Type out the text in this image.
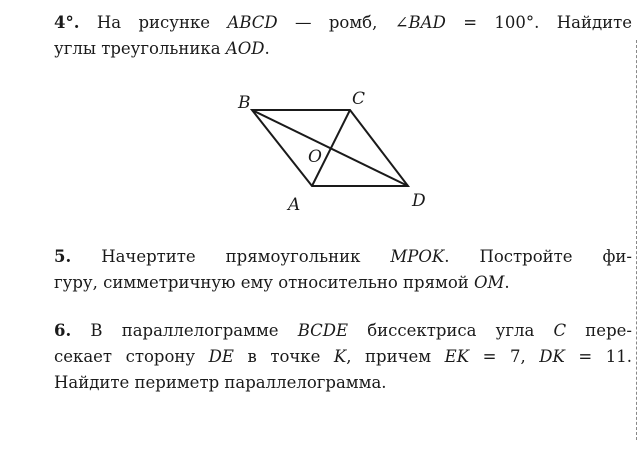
4°. На рисунке ABCD — ромб, ∠BAD = 100°. Найдите
углы треугольника AOD.
B	C
O
A	D
5. Начертите прямоугольник MPOK. Постройте фи-
гуру, симметричную ему относительно прямой OM.
6. В параллелограмме BCDE биссектриса угла C пере-
секает сторону DE в точке K, причем EK = 7, DK = 11.
Найдите периметр параллелограмма.
